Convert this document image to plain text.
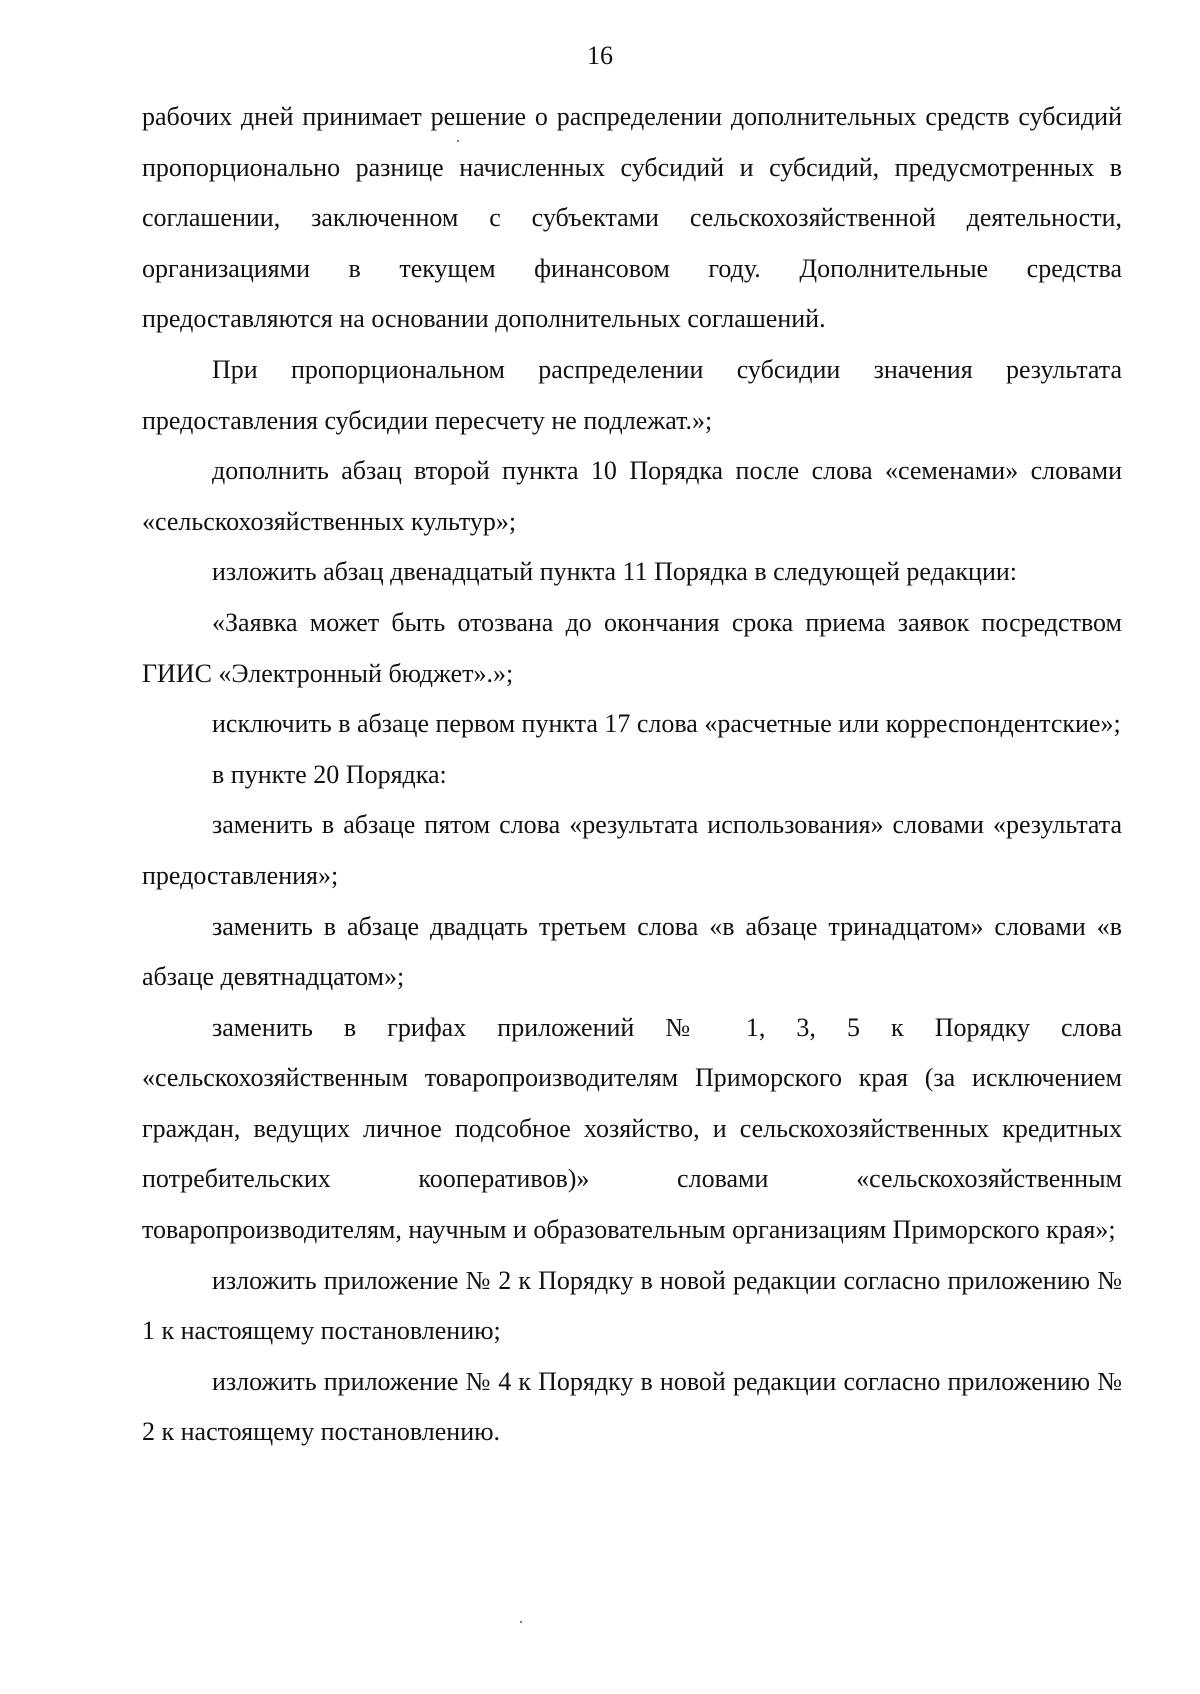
16

рабочих дней принимает решение о распределении дополнительных средств субсидий пропорционально разнице начисленных субсидий и субсидий, предусмотренных в соглашении, заключенном с субъектами сельскохозяйственной деятельности, организациями в текущем финансовом году. Дополнительные средства предоставляются на основании дополнительных соглашений.

При пропорциональном распределении субсидии значения результата предоставления субсидии пересчету не подлежат.»;

дополнить абзац второй пункта 10 Порядка после слова «семенами» словами «сельскохозяйственных культур»;

изложить абзац двенадцатый пункта 11 Порядка в следующей редакции:

«Заявка может быть отозвана до окончания срока приема заявок посредством ГИИС «Электронный бюджет».»;

исключить в абзаце первом пункта 17 слова «расчетные или корреспондентские»;

в пункте 20 Порядка:

заменить в абзаце пятом слова «результата использования» словами «результата предоставления»;

заменить в абзаце двадцать третьем слова «в абзаце тринадцатом» словами «в абзаце девятнадцатом»;

заменить в грифах приложений № 1, 3, 5 к Порядку слова «сельскохозяйственным товаропроизводителям Приморского края (за исключением граждан, ведущих личное подсобное хозяйство, и сельскохозяйственных кредитных потребительских кооперативов)» словами «сельскохозяйственным товаропроизводителям, научным и образовательным организациям Приморского края»;

изложить приложение № 2 к Порядку в новой редакции согласно приложению № 1 к настоящему постановлению;

изложить приложение № 4 к Порядку в новой редакции согласно приложению № 2 к настоящему постановлению.
